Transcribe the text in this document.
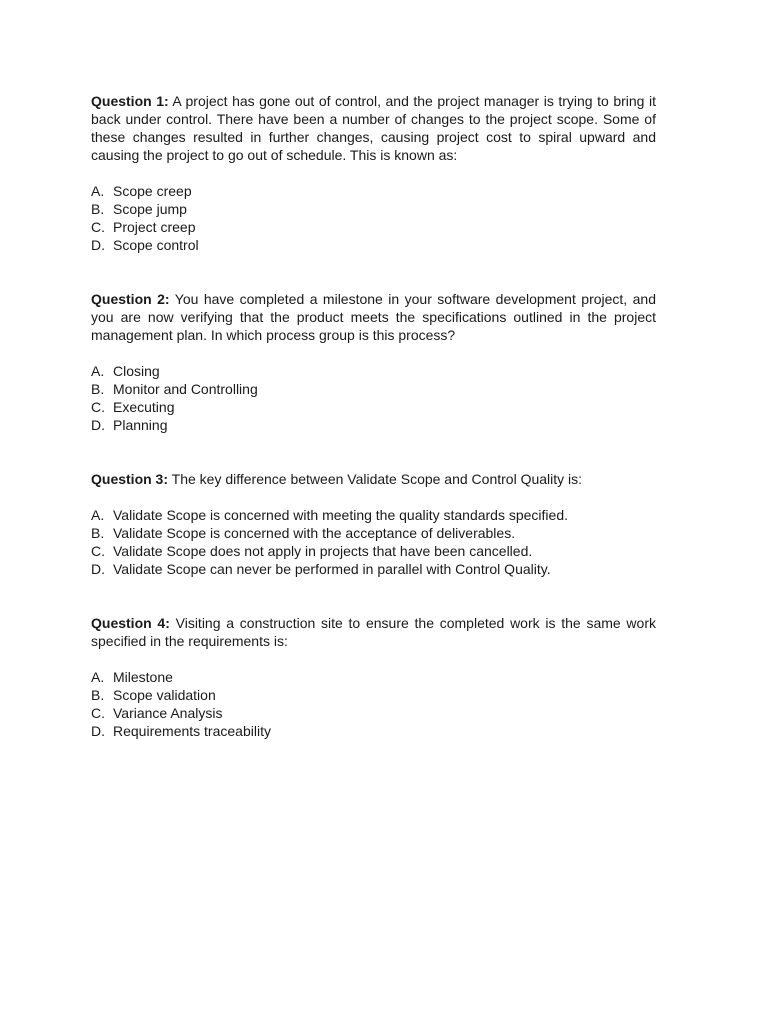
Question 1: A project has gone out of control, and the project manager is trying to bring it back under control. There have been a number of changes to the project scope. Some of these changes resulted in further changes, causing project cost to spiral upward and causing the project to go out of schedule. This is known as:

A. Scope creep
B. Scope jump
C. Project creep
D. Scope control

Question 2: You have completed a milestone in your software development project, and you are now verifying that the product meets the specifications outlined in the project management plan. In which process group is this process?

A. Closing
B. Monitor and Controlling
C. Executing
D. Planning

Question 3: The key difference between Validate Scope and Control Quality is:

A. Validate Scope is concerned with meeting the quality standards specified.
B. Validate Scope is concerned with the acceptance of deliverables.
C. Validate Scope does not apply in projects that have been cancelled.
D. Validate Scope can never be performed in parallel with Control Quality.

Question 4: Visiting a construction site to ensure the completed work is the same work specified in the requirements is:

A. Milestone
B. Scope validation
C. Variance Analysis
D. Requirements traceability
